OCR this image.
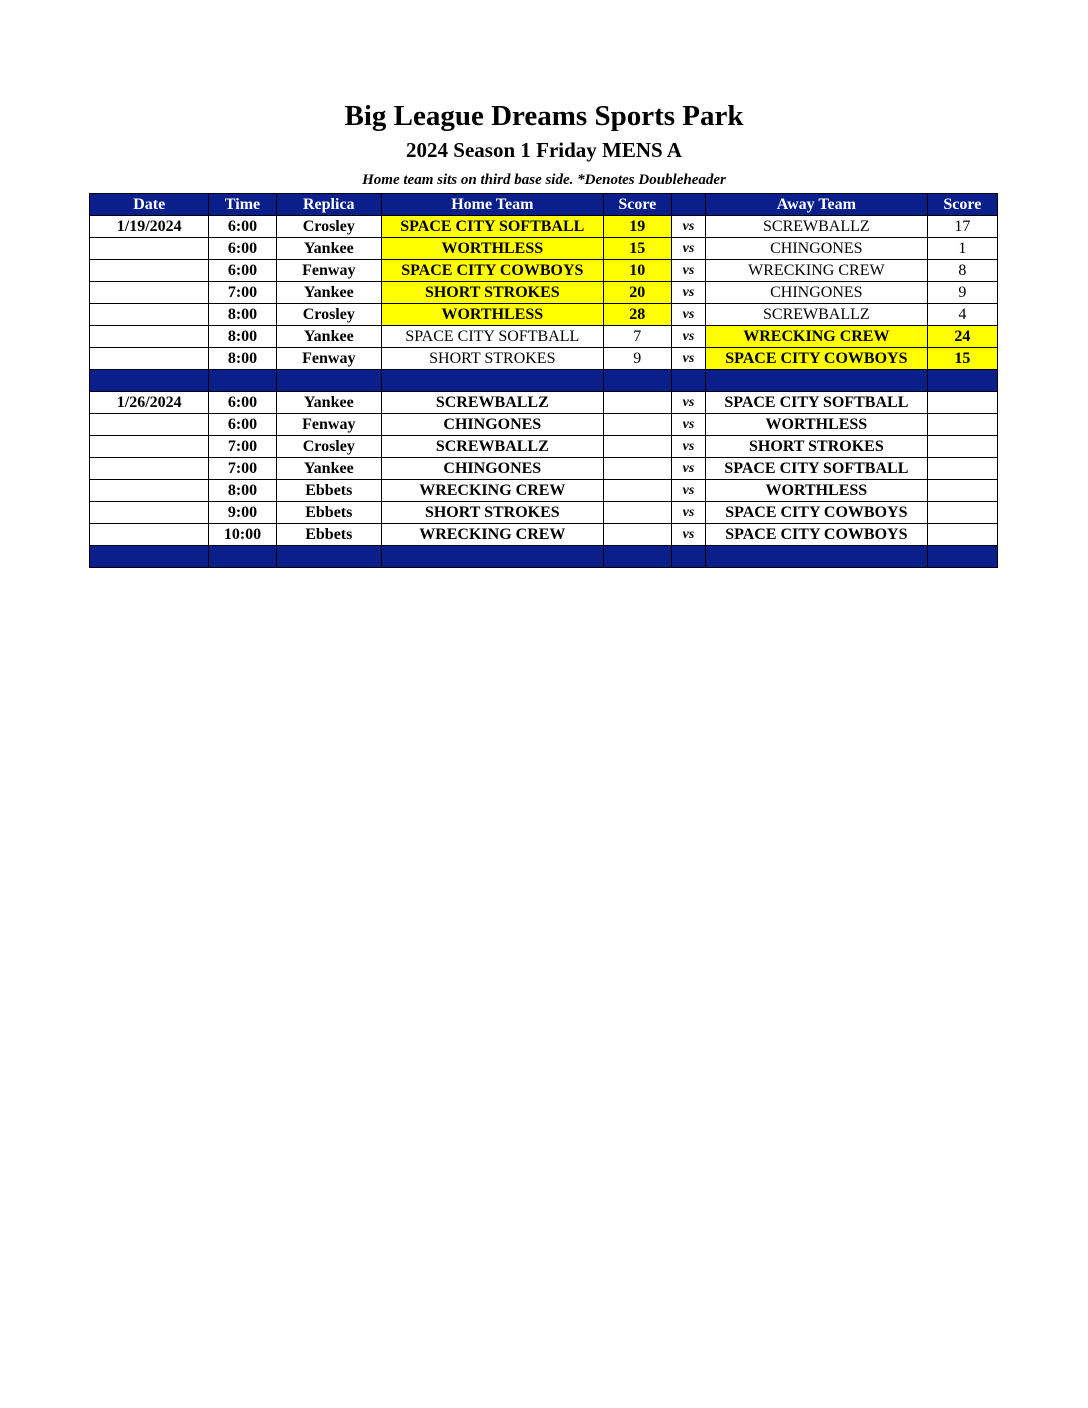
Big League Dreams Sports Park
2024 Season 1 Friday MENS A
Home team sits on third base side. *Denotes Doubleheader
Date	Time	Replica	Home Team	Score		Away Team	Score
1/19/2024	6:00	Crosley	SPACE CITY SOFTBALL	19	vs	SCREWBALLZ	17
	6:00	Yankee	WORTHLESS	15	vs	CHINGONES	1
	6:00	Fenway	SPACE CITY COWBOYS	10	vs	WRECKING CREW	8
	7:00	Yankee	SHORT STROKES	20	vs	CHINGONES	9
	8:00	Crosley	WORTHLESS	28	vs	SCREWBALLZ	4
	8:00	Yankee	SPACE CITY SOFTBALL	7	vs	WRECKING CREW	24
	8:00	Fenway	SHORT STROKES	9	vs	SPACE CITY COWBOYS	15

1/26/2024	6:00	Yankee	SCREWBALLZ		vs	SPACE CITY SOFTBALL	
	6:00	Fenway	CHINGONES		vs	WORTHLESS	
	7:00	Crosley	SCREWBALLZ		vs	SHORT STROKES	
	7:00	Yankee	CHINGONES		vs	SPACE CITY SOFTBALL	
	8:00	Ebbets	WRECKING CREW		vs	WORTHLESS	
	9:00	Ebbets	SHORT STROKES		vs	SPACE CITY COWBOYS	
	10:00	Ebbets	WRECKING CREW		vs	SPACE CITY COWBOYS	
